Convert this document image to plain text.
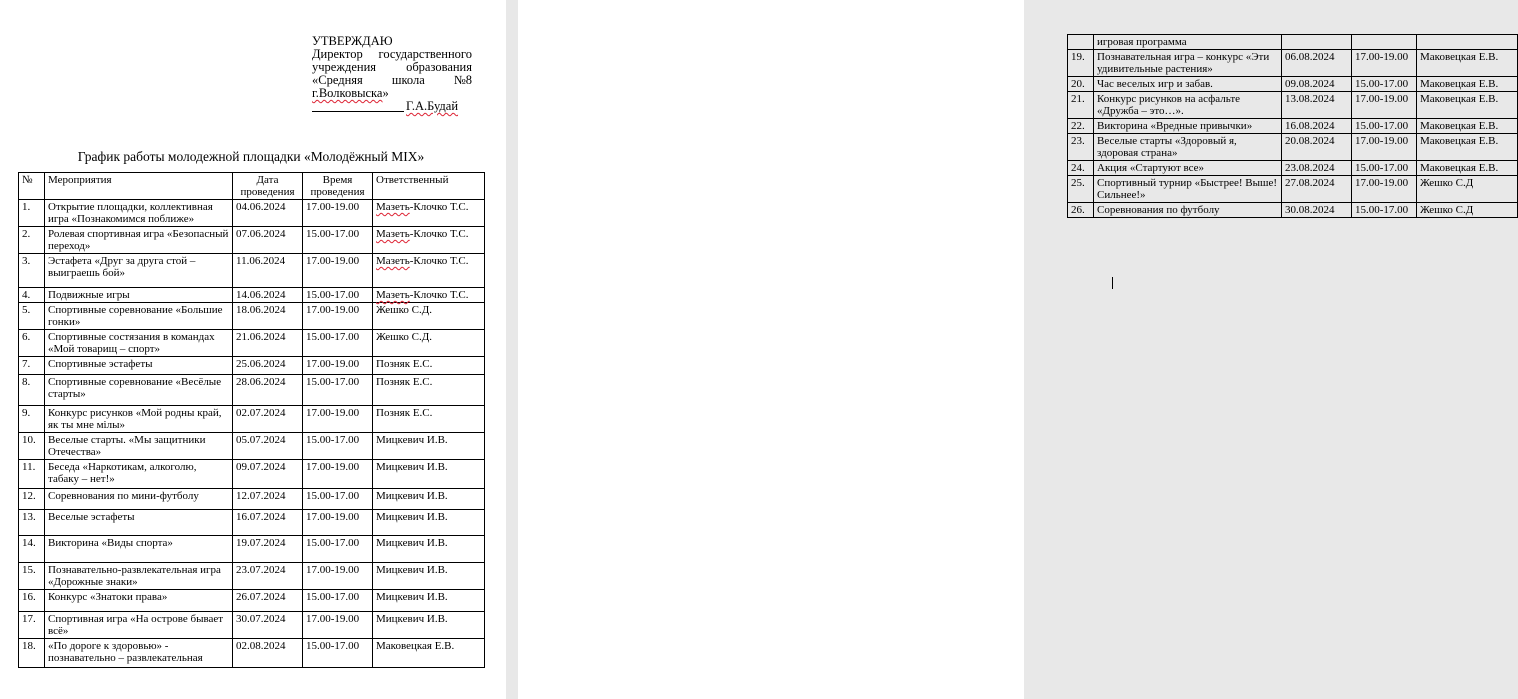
УТВЕРЖДАЮ
Директор государственного
учреждения образования
«Средняя школа №8
г.Волковыска»
Г.А.Будай
График работы молодежной площадки «Молодёжный MIX»
№	Мероприятия	Дата проведения	Время проведения	Ответственный
1.	Открытие площадки, коллективная игра «Познакомимся поближе»	04.06.2024	17.00-19.00	Мазеть-Клочко Т.С.
2.	Ролевая спортивная игра «Безопасный переход»	07.06.2024	15.00-17.00	Мазеть-Клочко Т.С.
3.	Эстафета «Друг за друга стой – выиграешь бой»	11.06.2024	17.00-19.00	Мазеть-Клочко Т.С.
4.	Подвижные игры	14.06.2024	15.00-17.00	Мазеть-Клочко Т.С.
5.	Спортивные соревнование «Большие гонки»	18.06.2024	17.00-19.00	Жешко С.Д.
6.	Спортивные состязания в командах «Мой товарищ – спорт»	21.06.2024	15.00-17.00	Жешко С.Д.
7.	Спортивные эстафеты	25.06.2024	17.00-19.00	Позняк Е.С.
8.	Спортивные соревнование «Весёлые старты»	28.06.2024	15.00-17.00	Позняк Е.С.
9.	Конкурс рисунков «Мой родны край, як ты мне мілы»	02.07.2024	17.00-19.00	Позняк Е.С.
10.	Веселые старты. «Мы защитники Отечества»	05.07.2024	15.00-17.00	Мицкевич И.В.
11.	Беседа «Наркотикам, алкоголю, табаку – нет!»	09.07.2024	17.00-19.00	Мицкевич И.В.
12.	Соревнования по мини-футболу	12.07.2024	15.00-17.00	Мицкевич И.В.
13.	Веселые эстафеты	16.07.2024	17.00-19.00	Мицкевич И.В.
14.	Викторина «Виды спорта»	19.07.2024	15.00-17.00	Мицкевич И.В.
15.	Познавательно-развлекательная игра «Дорожные знаки»	23.07.2024	17.00-19.00	Мицкевич И.В.
16.	Конкурс «Знатоки права»	26.07.2024	15.00-17.00	Мицкевич И.В.
17.	Спортивная игра «На острове бывает всё»	30.07.2024	17.00-19.00	Мицкевич И.В.
18.	«По дороге к здоровью» - познавательно – развлекательная	02.08.2024	15.00-17.00	Маковецкая Е.В.
	игровая программа			
19.	Познавательная игра – конкурс «Эти удивительные растения»	06.08.2024	17.00-19.00	Маковецкая Е.В.
20.	Час веселых игр и забав.	09.08.2024	15.00-17.00	Маковецкая Е.В.
21.	Конкурс рисунков на асфальте «Дружба – это…».	13.08.2024	17.00-19.00	Маковецкая Е.В.
22.	Викторина «Вредные привычки»	16.08.2024	15.00-17.00	Маковецкая Е.В.
23.	Веселые старты «Здоровый я, здоровая страна»	20.08.2024	17.00-19.00	Маковецкая Е.В.
24.	Акция «Стартуют все»	23.08.2024	15.00-17.00	Маковецкая Е.В.
25.	Спортивный турнир «Быстрее! Выше! Сильнее!»	27.08.2024	17.00-19.00	Жешко С.Д
26.	Соревнования по футболу	30.08.2024	15.00-17.00	Жешко С.Д
